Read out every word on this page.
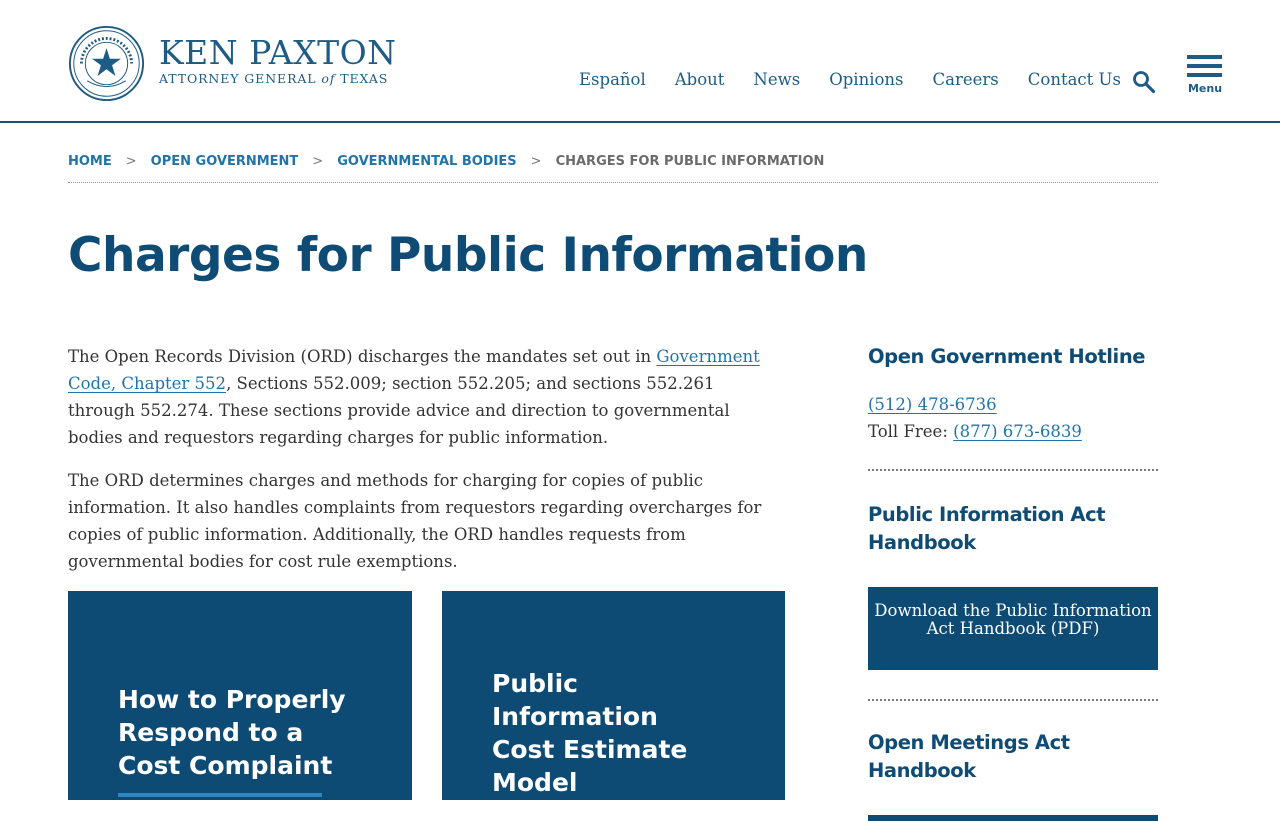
KEN PAXTON
ATTORNEY GENERAL of TEXAS	Español About News Opinions Careers Contact Us	Menu
HOME > OPEN GOVERNMENT > GOVERNMENTAL BODIES > CHARGES FOR PUBLIC INFORMATION
Charges for Public Information

The Open Records Division (ORD) discharges the mandates set out in Government Code, Chapter 552, Sections 552.009; section 552.205; and sections 552.261 through 552.274. These sections provide advice and direction to governmental bodies and requestors regarding charges for public information.

The ORD determines charges and methods for charging for copies of public information. It also handles complaints from requestors regarding overcharges for copies of public information. Additionally, the ORD handles requests from governmental bodies for cost rule exemptions.

How to Properly Respond to a Cost Complaint
Public Information Cost Estimate Model
Open Government Hotline
(512) 478-6736
Toll Free: (877) 673-6839
Public Information Act Handbook
Download the Public Information Act Handbook (PDF)
Open Meetings Act Handbook
